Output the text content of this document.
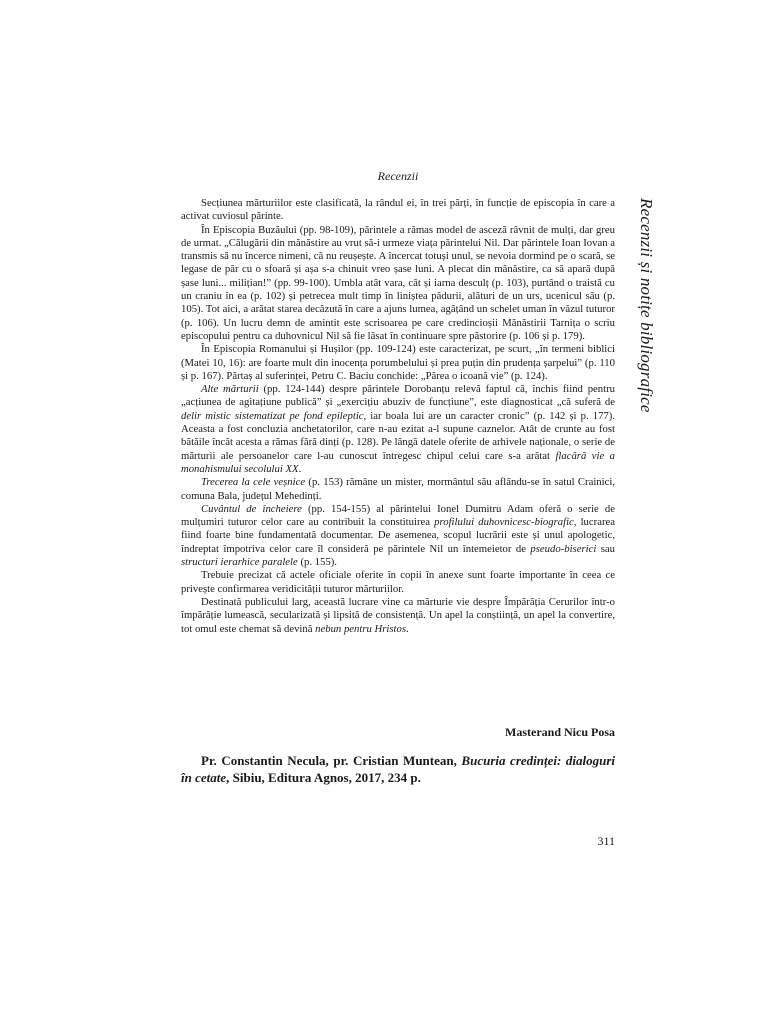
Recenzii
Recenzii și notițe bibliografice

Secțiunea mărturiilor este clasificată, la rândul ei, în trei părți, în funcție de episcopia în care a activat cuviosul părinte.

În Episcopia Buzăului (pp. 98-109), părintele a rămas model de asceză râvnit de mulți, dar greu de urmat. „Călugării din mănăstire au vrut să-i urmeze viața părintelui Nil. Dar părintele Ioan Iovan a transmis să nu încerce nimeni, că nu reușește. A încercat totuși unul, se nevoia dormind pe o scară, se legase de păr cu o sfoară și așa s-a chinuit vreo șase luni. A plecat din mănăstire, ca să apară după șase luni... milițian!” (pp. 99-100). Umbla atât vara, cât și iarna desculț (p. 103), purtând o traistă cu un craniu în ea (p. 102) și petrecea mult timp în liniștea pădurii, alături de un urs, ucenicul său (p. 105). Tot aici, a arătat starea decăzută în care a ajuns lumea, agățând un schelet uman în văzul tuturor (p. 106). Un lucru demn de amintit este scrisoarea pe care credincioșii Mănăstirii Tarnița o scriu episcopului pentru ca duhovnicul Nil să fie lăsat în continuare spre păstorire (p. 106 și p. 179).

În Episcopia Romanului și Hușilor (pp. 109-124) este caracterizat, pe scurt, „în termeni biblici (Matei 10, 16): are foarte mult din inocența porumbelului și prea puțin din prudența șarpelui” (p. 110 și p. 167). Părtaș al suferinței, Petru C. Baciu conchide: „Părea o icoană vie” (p. 124).

Alte mărturii (pp. 124-144) despre părintele Dorobanțu relevă faptul că, închis fiind pentru „acțiunea de agitațiune publică” și „exercițiu abuziv de funcțiune”, este diagnosticat „că suferă de delir mistic sistematizat pe fond epileptic, iar boala lui are un caracter cronic” (p. 142 și p. 177). Aceasta a fost concluzia anchetatorilor, care n-au ezitat a-l supune caznelor. Atât de crunte au fost bătăile încât acesta a rămas fără dinți (p. 128). Pe lângă datele oferite de arhivele naționale, o serie de mărturii ale persoanelor care l-au cunoscut întregesc chipul celui care s-a arătat flacără vie a monahismului secolului XX.

Trecerea la cele veșnice (p. 153) rămâne un mister, mormântul său aflându-se în satul Crainici, comuna Bala, județul Mehedinți.

Cuvântul de încheiere (pp. 154-155) al părintelui Ionel Dumitru Adam oferă o serie de mulțumiri tuturor celor care au contribuit la constituirea profilului duhovnicesc-biografic, lucrarea fiind foarte bine fundamentată documentar. De asemenea, scopul lucrării este și unul apologetic, îndreptat împotriva celor care îl consideră pe părintele Nil un întemeietor de pseudo-biserici sau structuri ierarhice paralele (p. 155).

Trebuie precizat că actele oficiale oferite în copii în anexe sunt foarte importante în ceea ce privește confirmarea veridicității tuturor mărturiilor.

Destinată publicului larg, această lucrare vine ca mărturie vie despre Împărăția Cerurilor într-o împărăție lumească, secularizată și lipsită de consistență. Un apel la conștiință, un apel la convertire, tot omul este chemat să devină nebun pentru Hristos.

Masterand Nicu Posa

Pr. Constantin Necula, pr. Cristian Muntean, Bucuria credinței: dialoguri în cetate, Sibiu, Editura Agnos, 2017, 234 p.

311
